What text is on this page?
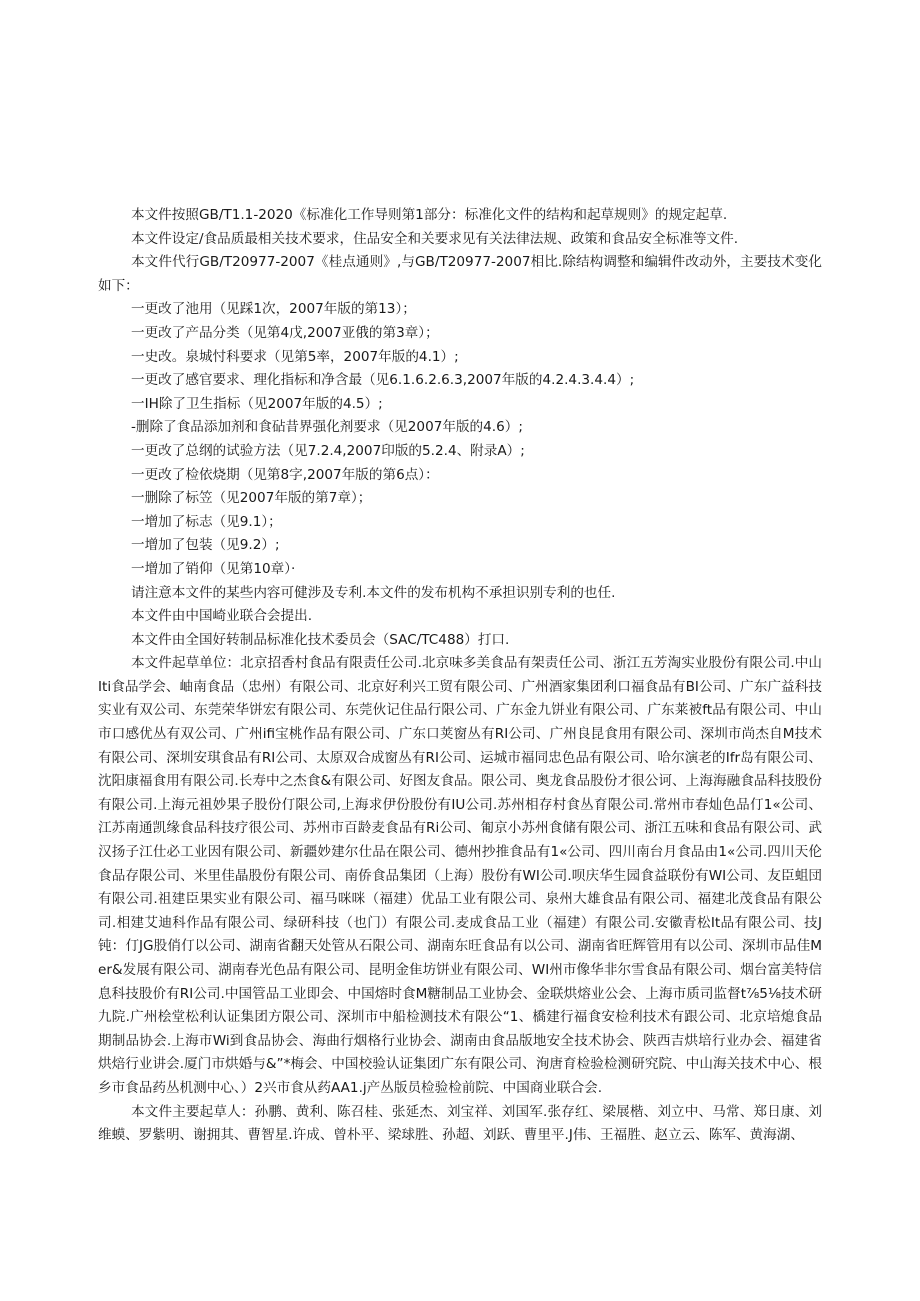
本文件按照GB/T1.1-2020《标准化工作导则第1部分：标准化文件的结构和起草规则》的规定起草.

本文件设定/食品质最相关技术要求，住品安全和关要求见有关法律法规、政策和食品安全标准等文件.

本文件代行GB/T20977-2007《桂点通则》,与GB/T20977-2007相比.除结构调整和编辑件改动外，主要技术变化如下：

一更改了池用（见踩1次，2007年版的第13）；

一更改了产品分类（见第4戊,2007亚俄的第3章）；

一史改。泉城忖科要求（见第5率，2007年版的4.1）;

一更改了感官要求、理化指标和净含最（见6.1.6.2.6.3,2007年版的4.2.4.3.4.4）;

一IH除了卫生指标（见2007年版的4.5）;

-删除了食品添加剂和食砧昔界强化剂要求（见2007年版的4.6）;

一更改了总纲的试验方法（见7.2.4,2007印版的5.2.4、附录A）;

一更改了检依烧期（见第8字,2007年版的第6点）：

一删除了标笠（见2007年版的第7章）；

一增加了标志（见9.1）；

一增加了包装（见9.2）;

一增加了销仰（见第10章）·

请注意本文件的某些内容可健涉及专利.本文件的发布机构不承担识别专利的也任.

本文件由中国崎业联合会提出.

本文件由全国好转制品标准化技术委员会（SAC/TC488）打口.

本文件起草单位：北京招香村食品有限责任公司.北京味多美食品有架责任公司、浙江五芳淘实业股份有限公司.中山Iti食品学会、岫南食品（忠州）有限公司、北京好利兴工贸有限公司、广州酒家集团利口福食品有BI公司、广东广益科技实业有双公司、东莞荣华饼宏有限公司、东莞伙记住品行限公司、广东金九饼业有限公司、广东莱被ft品有限公司、中山市口感优丛有双公司、广州ifi宝桃作品有限公司、广东口荚窗丛有RI公司、广州良昆食用有限公司、深圳市尚杰自M技术有限公司、深圳安琪食品有RI公司、太原双合成窗丛有RI公司、运城市福同忠色品有限公司、哈尔演老的Ifr岛有限公司、沈阳康福食用有限公司.长寿中之杰食&有限公司、好图友食品。限公司、奥龙食品股份才很公诃、上海海融食品科技股份有限公司.上海元祖妙果子股份仃限公司,上海求伊份股份有IU公司.苏州相存村食丛育限公司.常州市春灿色品仃1«公司、江苏南通凯缘食品科技疗很公司、苏州市百龄麦食品有Ri公司、匍京小苏州食储有限公司、浙江五味和食品有限公司、武汉扬子江仕必工业因有限公司、新疆妙建尔仕品在限公司、德州抄推食品有1«公司、四川南台月食品由1«公司.四川天伦食品存限公司、米里佳晶股份有限公司、南侨食品集团（上海）股份有WI公司.呗庆华生园食益联份有WI公司、友臣蛆団有限公司.祖建臣果实业有限公司、福马咪咪（福建）优品工业有限公司、泉州大雄食品有限公司、福建北茂食品有限公司.相建艾迪科作品有限公司、绿研科技（也门）有限公司.麦成食品工业（福建）有限公司.安徽青松It品有限公司、技J钝：仃JG股俏仃以公司、湖南省翻天处管从石限公司、湖南东旺食品有以公司、湖南省旺辉管用有以公司、深圳市品佳Mer&发展有限公司、湖南春光色品有限公司、昆明金隹坊饼业有限公司、WI州市像华非尔雪食品有限公司、烟台富美特信息科技股价有RI公司.中国管品工业即会、中国熔时食M糖制品工业协会、金联烘熔业公会、上海市质司监督t⅞5⅛技术研九院.广州桧堂松利认证集团方限公司、深圳市中船检测技术有限公“1、橋建行福食安检利技术有跟公司、北京培熄食品期制品协会.上海市Wi到食品协会、海曲行烟格行业协会、湖南由食品版地安全技术协会、陕西吉烘培行业办会、福建省烘焙行业讲会.厦门市烘婚与&”*梅会、中国校验认证集团广东有限公司、洵唐育检验检测研究院、中山海关技术中心、根乡市食品药丛机测中心、）2兴市食从药AA1.j产丛版员检验检前院、中国商业联合会.

本文件主要起草人：孙鹏、黄利、陈召桂、张延杰、刘宝祥、刘国军.张存红、梁展楷、刘立中、马常、郑日康、刘维蟆、罗紫明、谢拥其、曹智星.许成、曾朴平、梁球胜、孙超、刘跃、曹里平.J伟、王福胜、赵立云、陈军、黄海湖、
